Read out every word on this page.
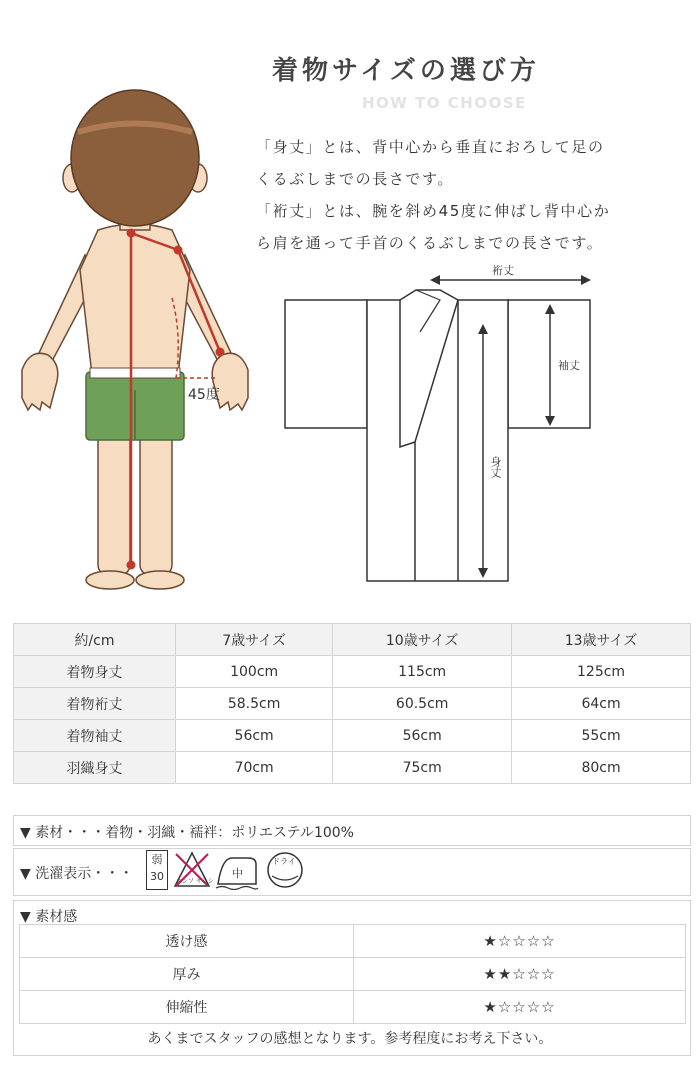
着物サイズの選び方
HOW TO CHOOSE
「身丈」とは、背中心から垂直におろして足の
くるぶしまでの長さです。
「裄丈」とは、腕を斜め45度に伸ばし背中心か
ら肩を通って手首のくるぶしまでの長さです。
45度
裄丈
袖丈
身丈
約/cm	7歳サイズ	10歳サイズ	13歳サイズ
着物身丈	100cm	115cm	125cm
着物裄丈	58.5cm	60.5cm	64cm
着物袖丈	56cm	56cm	55cm
羽織身丈	70cm	75cm	80cm
▼ 素材・・・着物・羽織・襦袢：ポリエステル100%
▼ 洗濯表示・・・
弱
30	エンソ サラシ
中
ドライ
▼ 素材感
透け感	★☆☆☆☆
厚み	★★☆☆☆
伸縮性	★☆☆☆☆
あくまでスタッフの感想となります。参考程度にお考え下さい。
